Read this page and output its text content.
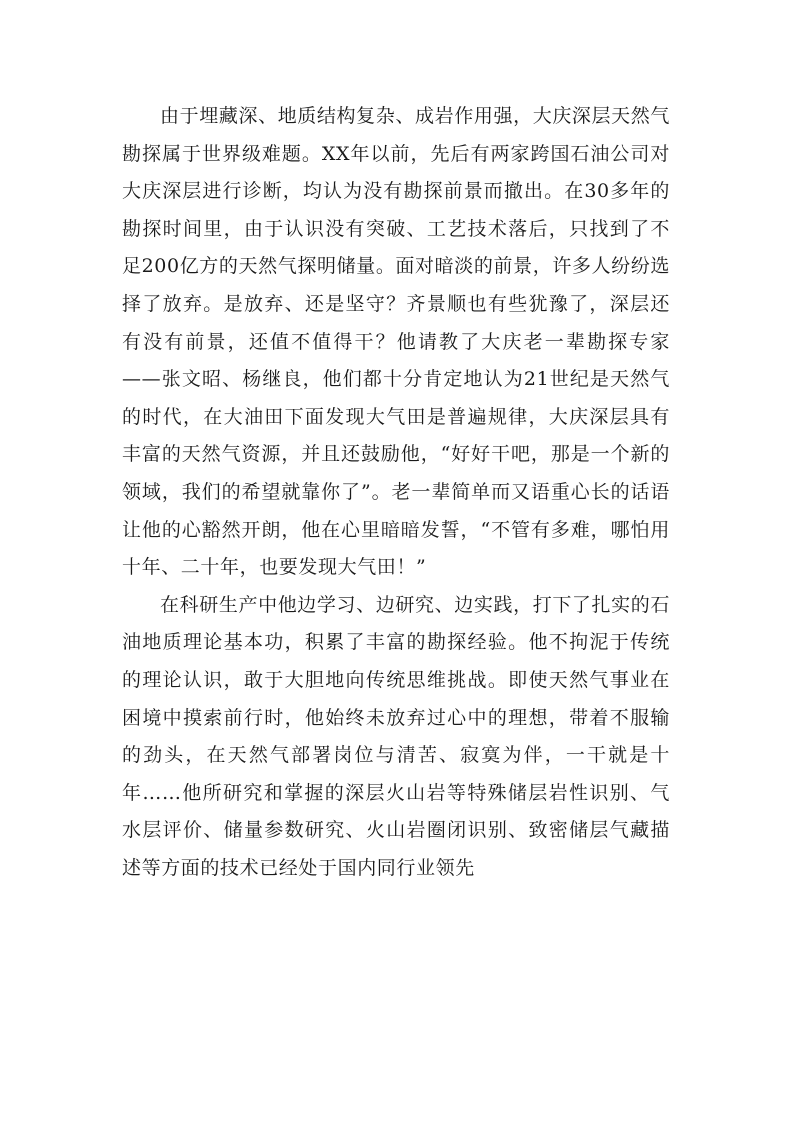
由于埋藏深、地质结构复杂、成岩作用强，大庆深层天然气勘探属于世界级难题。XX年以前，先后有两家跨国石油公司对大庆深层进行诊断，均认为没有勘探前景而撤出。在30多年的勘探时间里，由于认识没有突破、工艺技术落后，只找到了不足200亿方的天然气探明储量。面对暗淡的前景，许多人纷纷选择了放弃。是放弃、还是坚守？齐景顺也有些犹豫了，深层还有没有前景，还值不值得干？他请教了大庆老一辈勘探专家——张文昭、杨继良，他们都十分肯定地认为21世纪是天然气的时代，在大油田下面发现大气田是普遍规律，大庆深层具有丰富的天然气资源，并且还鼓励他，“好好干吧，那是一个新的领域，我们的希望就靠你了”。老一辈简单而又语重心长的话语让他的心豁然开朗，他在心里暗暗发誓，“不管有多难，哪怕用十年、二十年，也要发现大气田！”

在科研生产中他边学习、边研究、边实践，打下了扎实的石油地质理论基本功，积累了丰富的勘探经验。他不拘泥于传统的理论认识，敢于大胆地向传统思维挑战。即使天然气事业在困境中摸索前行时，他始终未放弃过心中的理想，带着不服输的劲头，在天然气部署岗位与清苦、寂寞为伴，一干就是十年……他所研究和掌握的深层火山岩等特殊储层岩性识别、气水层评价、储量参数研究、火山岩圈闭识别、致密储层气藏描述等方面的技术已经处于国内同行业领先
